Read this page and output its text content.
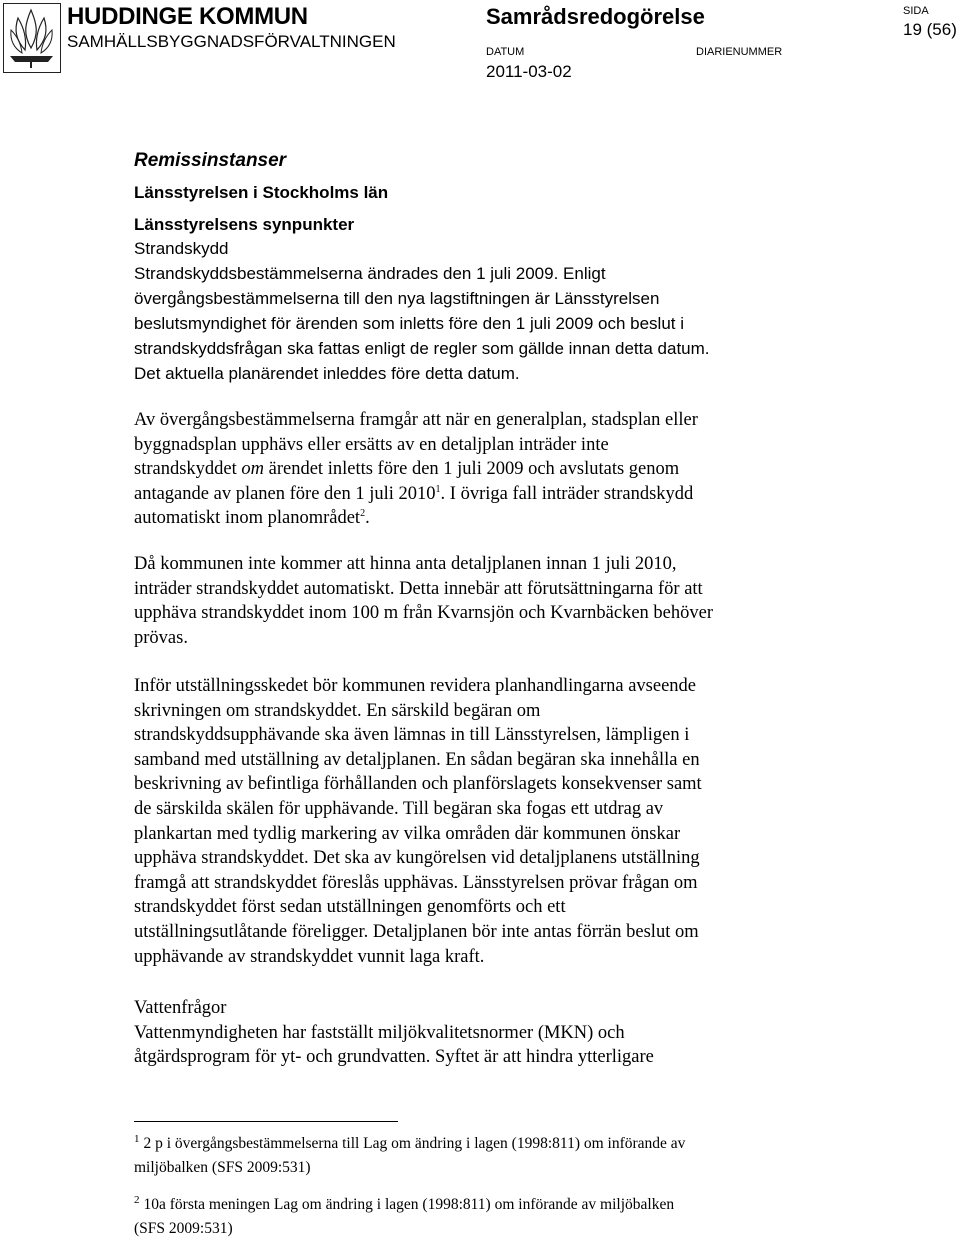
HUDDINGE KOMMUN
SAMHÄLLSBYGGNADSFÖRVALTNINGEN
Samrådsredogörelse
DATUM
2011-03-02
DIARIENUMMER
SIDA
19 (56)
Remissinstanser
Länsstyrelsen i Stockholms län
Länsstyrelsens synpunkter
Strandskydd
Strandskyddsbestämmelserna ändrades den 1 juli 2009. Enligt
övergångsbestämmelserna till den nya lagstiftningen är Länsstyrelsen
beslutsmyndighet för ärenden som inletts före den 1 juli 2009 och beslut i
strandskyddsfrågan ska fattas enligt de regler som gällde innan detta datum.
Det aktuella planärendet inleddes före detta datum.
Av övergångsbestämmelserna framgår att när en generalplan, stadsplan eller
byggnadsplan upphävs eller ersätts av en detaljplan inträder inte
strandskyddet om ärendet inletts före den 1 juli 2009 och avslutats genom
antagande av planen före den 1 juli 2010$^1$. I övriga fall inträder strandskydd
automatiskt inom planområdet$^2$.
Då kommunen inte kommer att hinna anta detaljplanen innan 1 juli 2010,
inträder strandskyddet automatiskt. Detta innebär att förutsättningarna för att
upphäva strandskyddet inom 100 m från Kvarnsjön och Kvarnbäcken behöver
prövas.
Inför utställningsskedet bör kommunen revidera planhandlingarna avseende
skrivningen om strandskyddet. En särskild begäran om
strandskyddsupphävande ska även lämnas in till Länsstyrelsen, lämpligen i
samband med utställning av detaljplanen. En sådan begäran ska innehålla en
beskrivning av befintliga förhållanden och planförslagets konsekvenser samt
de särskilda skälen för upphävande. Till begäran ska fogas ett utdrag av
plankartan med tydlig markering av vilka områden där kommunen önskar
upphäva strandskyddet. Det ska av kungörelsen vid detaljplanens utställning
framgå att strandskyddet föreslås upphävas. Länsstyrelsen prövar frågan om
strandskyddet först sedan utställningen genomförts och ett
utställningsutlåtande föreligger. Detaljplanen bör inte antas förrän beslut om
upphävande av strandskyddet vunnit laga kraft.
Vattenfrågor
Vattenmyndigheten har fastställt miljökvalitetsnormer (MKN) och
åtgärdsprogram för yt- och grundvatten. Syftet är att hindra ytterligare
$^1$ 2 p i övergångsbestämmelserna till Lag om ändring i lagen (1998:811) om införande av
miljöbalken (SFS 2009:531)
$^2$ 10a första meningen Lag om ändring i lagen (1998:811) om införande av miljöbalken
(SFS 2009:531)
